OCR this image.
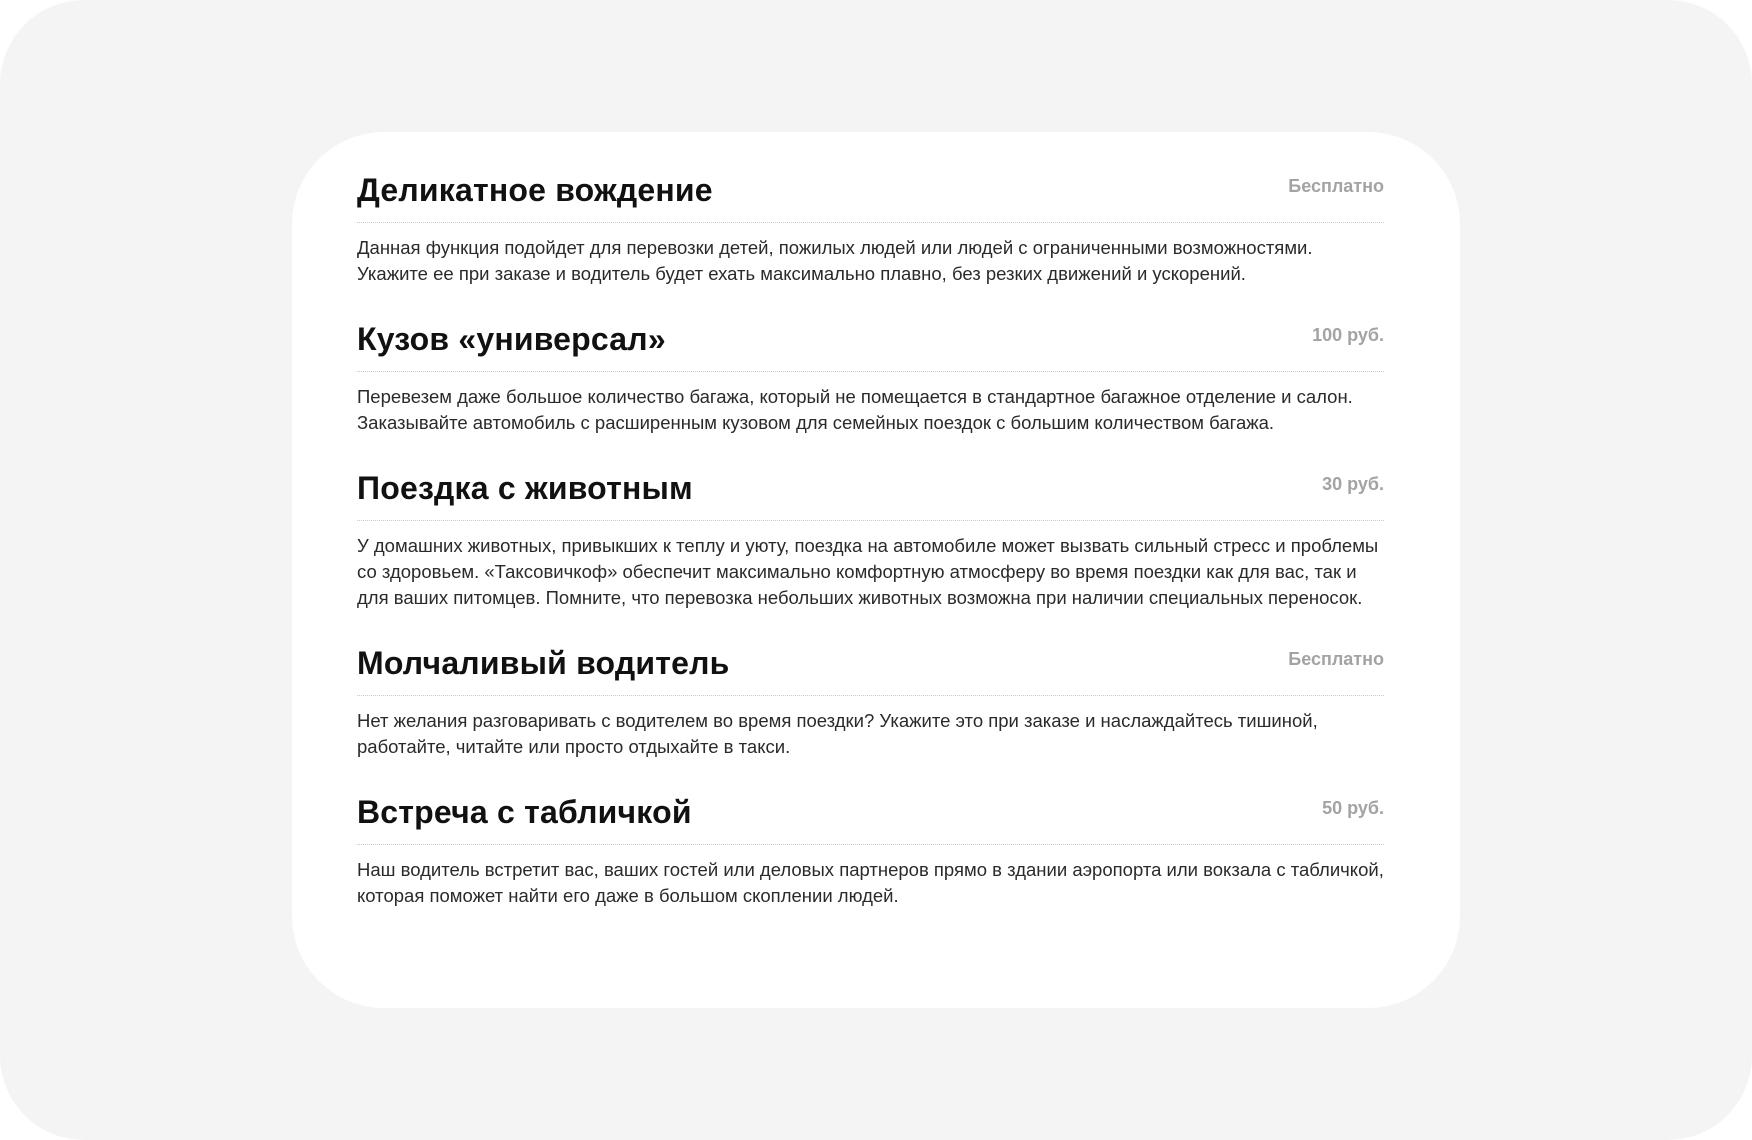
Деликатное вождение	Бесплатно
Данная функция подойдет для перевозки детей, пожилых людей или людей с ограниченными возможностями. Укажите ее при заказе и водитель будет ехать максимально плавно, без резких движений и ускорений.
Кузов «универсал»	100 руб.
Перевезем даже большое количество багажа, который не помещается в стандартное багажное отделение и салон. Заказывайте автомобиль с расширенным кузовом для семейных поездок с большим количеством багажа.
Поездка с животным	30 руб.
У домашних животных, привыкших к теплу и уюту, поездка на автомобиле может вызвать сильный стресс и проблемы со здоровьем. «Таксовичкоф» обеспечит максимально комфортную атмосферу во время поездки как для вас, так и для ваших питомцев. Помните, что перевозка небольших животных возможна при наличии специальных переносок.
Молчаливый водитель	Бесплатно
Нет желания разговаривать с водителем во время поездки? Укажите это при заказе и наслаждайтесь тишиной, работайте, читайте или просто отдыхайте в такси.
Встреча с табличкой	50 руб.
Наш водитель встретит вас, ваших гостей или деловых партнеров прямо в здании аэропорта или вокзала с табличкой, которая поможет найти его даже в большом скоплении людей.
